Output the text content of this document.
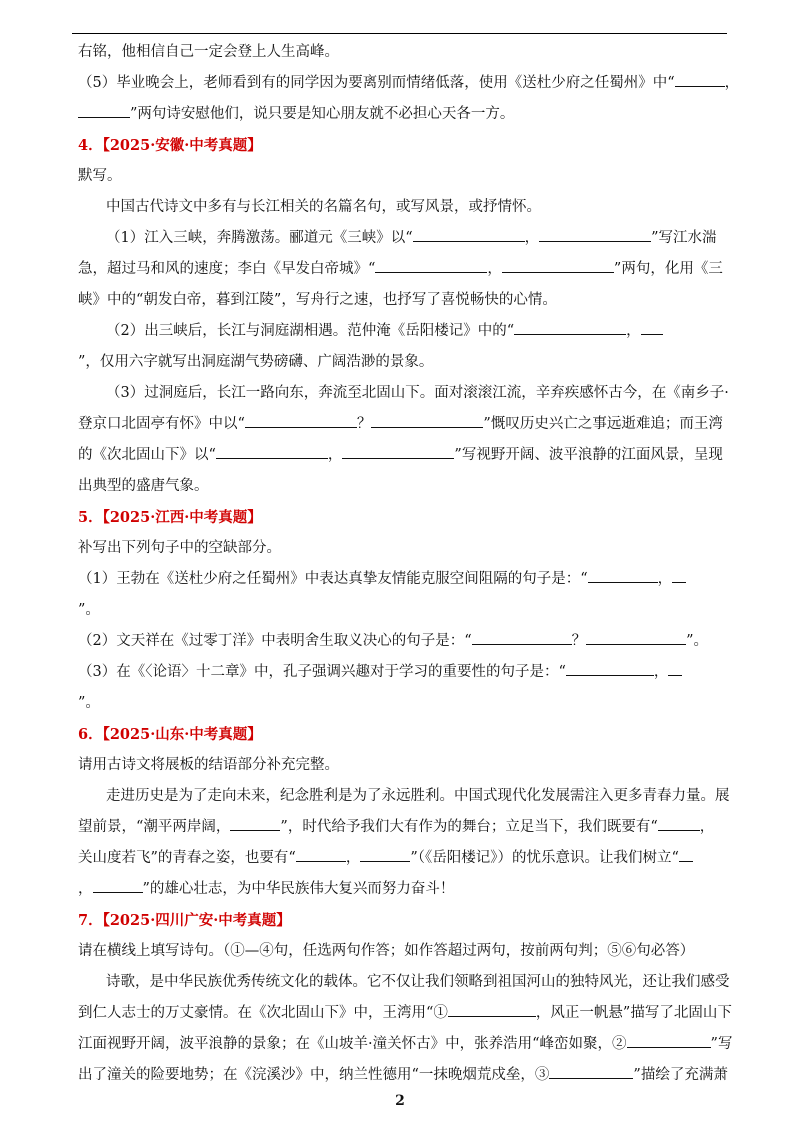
右铭，他相信自己一定会登上人生高峰。

（5）毕业晚会上，老师看到有的同学因为要离别而情绪低落，使用《送杜少府之任蜀州》中“	，

”两句诗安慰他们，说只要是知心朋友就不必担心天各一方。

4．【2025·安徽·中考真题】

默写。

中国古代诗文中多有与长江相关的名篇名句，或写风景，或抒情怀。

（1）江入三峡，奔腾激荡。郦道元《三峡》以“	，	”写江水湍

急，超过马和风的速度；李白《早发白帝城》“	，	”两句，化用《三

峡》中的“朝发白帝，暮到江陵”，写舟行之速，也抒写了喜悦畅快的心情。

（2）出三峡后，长江与洞庭湖相遇。范仲淹《岳阳楼记》中的“	，

”，仅用六字就写出洞庭湖气势磅礴、广阔浩渺的景象。

（3）过洞庭后，长江一路向东，奔流至北固山下。面对滚滚江流，辛弃疾感怀古今，在《南乡子·

登京口北固亭有怀》中以“	？	”慨叹历史兴亡之事远逝难追；而王湾

的《次北固山下》以“	，	”写视野开阔、波平浪静的江面风景，呈现

出典型的盛唐气象。

5．【2025·江西·中考真题】

补写出下列句子中的空缺部分。

（1）王勃在《送杜少府之任蜀州》中表达真挚友情能克服空间阻隔的句子是：“	，

”。

（2）文天祥在《过零丁洋》中表明舍生取义决心的句子是：“	？	”。

（3）在《〈论语〉十二章》中，孔子强调兴趣对于学习的重要性的句子是：“	，

”。

6．【2025·山东·中考真题】

请用古诗文将展板的结语部分补充完整。

走进历史是为了走向未来，纪念胜利是为了永远胜利。中国式现代化发展需注入更多青春力量。展

望前景，“潮平两岸阔，	”，时代给予我们大有作为的舞台；立足当下，我们既要有“	，

关山度若飞”的青春之姿，也要有“	，	”（《岳阳楼记》）的忧乐意识。让我们树立“

，	”的雄心壮志，为中华民族伟大复兴而努力奋斗！

7．【2025·四川广安·中考真题】

请在横线上填写诗句。（①—④句，任选两句作答；如作答超过两句，按前两句判；⑤⑥句必答）

诗歌，是中华民族优秀传统文化的载体。它不仅让我们领略到祖国河山的独特风光，还让我们感受

到仁人志士的万丈豪情。在《次北固山下》中，王湾用“①	，风正一帆悬”描写了北固山下

江面视野开阔，波平浪静的景象；在《山坡羊·潼关怀古》中，张养浩用“峰峦如聚，②	”写

出了潼关的险要地势；在《浣溪沙》中，纳兰性德用“一抹晚烟荒戍垒，③	”描绘了充满萧

2
